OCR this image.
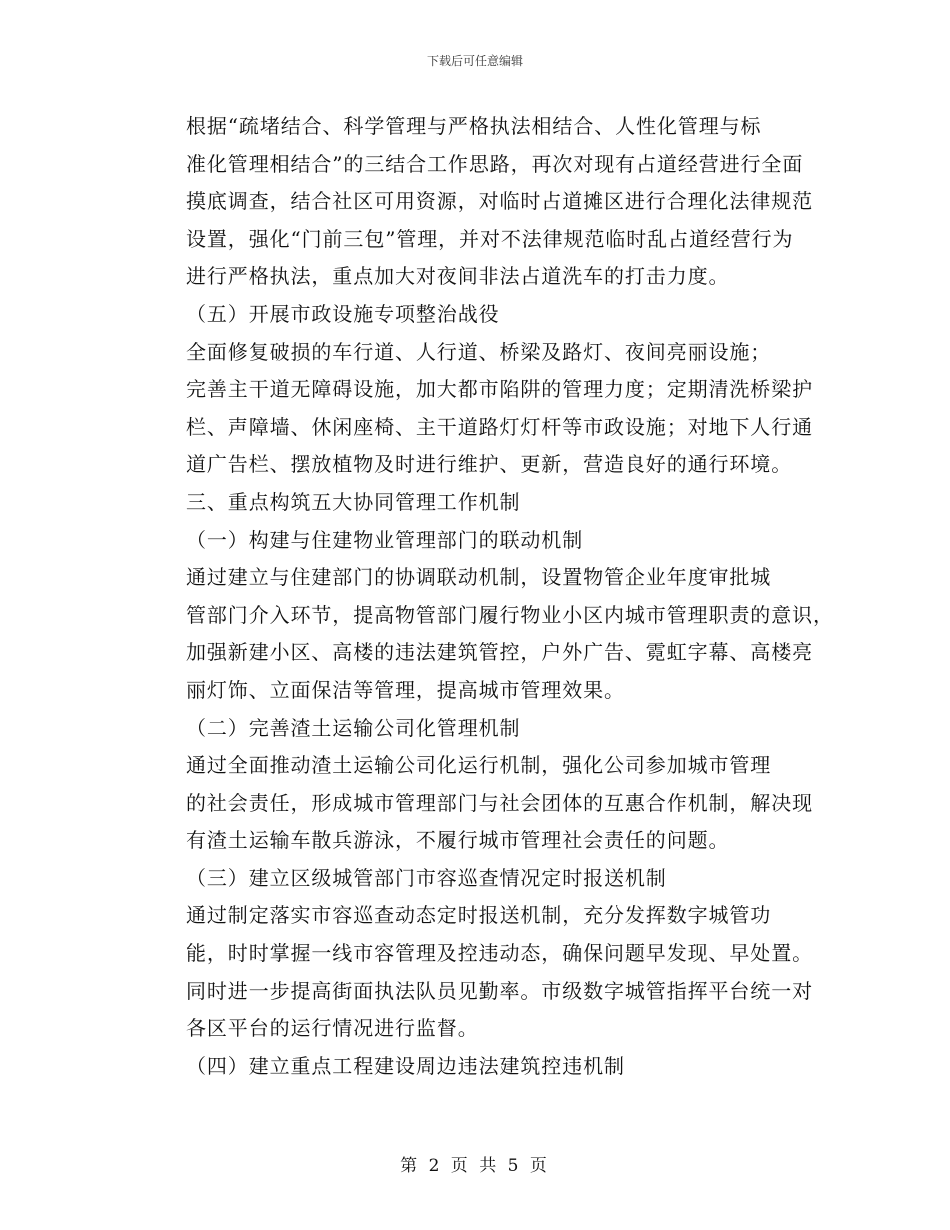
下载后可任意编辑

根据“疏堵结合、科学管理与严格执法相结合、人性化管理与标
准化管理相结合”的三结合工作思路，再次对现有占道经营进行全面
摸底调查，结合社区可用资源，对临时占道摊区进行合理化法律规范
设置，强化“门前三包”管理，并对不法律规范临时乱占道经营行为
进行严格执法，重点加大对夜间非法占道洗车的打击力度。

（五）开展市政设施专项整治战役

全面修复破损的车行道、人行道、桥梁及路灯、夜间亮丽设施；
完善主干道无障碍设施，加大都市陷阱的管理力度；定期清洗桥梁护
栏、声障墙、休闲座椅、主干道路灯灯杆等市政设施；对地下人行通
道广告栏、摆放植物及时进行维护、更新，营造良好的通行环境。

三、重点构筑五大协同管理工作机制

（一）构建与住建物业管理部门的联动机制

通过建立与住建部门的协调联动机制，设置物管企业年度审批城
管部门介入环节，提高物管部门履行物业小区内城市管理职责的意识，
加强新建小区、高楼的违法建筑管控，户外广告、霓虹字幕、高楼亮
丽灯饰、立面保洁等管理，提高城市管理效果。

（二）完善渣土运输公司化管理机制

通过全面推动渣土运输公司化运行机制，强化公司参加城市管理
的社会责任，形成城市管理部门与社会团体的互惠合作机制，解决现
有渣土运输车散兵游泳，不履行城市管理社会责任的问题。

（三）建立区级城管部门市容巡查情况定时报送机制

通过制定落实市容巡查动态定时报送机制，充分发挥数字城管功
能，时时掌握一线市容管理及控违动态，确保问题早发现、早处置。
同时进一步提高街面执法队员见勤率。市级数字城管指挥平台统一对
各区平台的运行情况进行监督。

（四）建立重点工程建设周边违法建筑控违机制

第 2 页 共 5 页
